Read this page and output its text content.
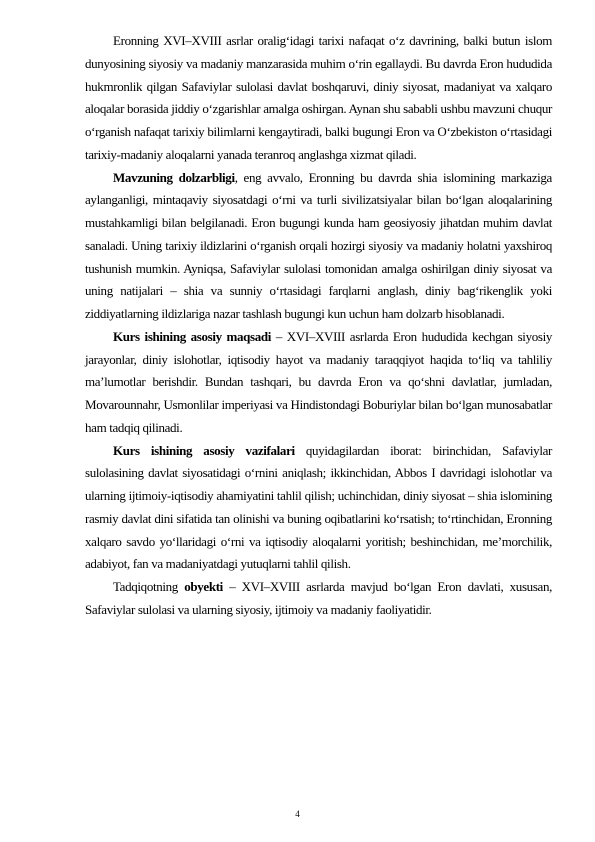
Eronning XVI–XVIII asrlar oralig‘idagi tarixi nafaqat o‘z davrining, balki butun islom dunyosining siyosiy va madaniy manzarasida muhim o‘rin egallaydi. Bu davrda Eron hududida hukmronlik qilgan Safaviylar sulolasi davlat boshqaruvi, diniy siyosat, madaniyat va xalqaro aloqalar borasida jiddiy o‘zgarishlar amalga oshirgan. Aynan shu sababli ushbu mavzuni chuqur o‘rganish nafaqat tarixiy bilimlarni kengaytiradi, balki bugungi Eron va O‘zbekiston o‘rtasidagi tarixiy-madaniy aloqalarni yanada teranroq anglashga xizmat qiladi.

Mavzuning dolzarbligi, eng avvalo, Eronning bu davrda shia islomining markaziga aylanganligi, mintaqaviy siyosatdagi o‘rni va turli sivilizatsiyalar bilan bo‘lgan aloqalarining mustahkamligi bilan belgilanadi. Eron bugungi kunda ham geosiyosiy jihatdan muhim davlat sanaladi. Uning tarixiy ildizlarini o‘rganish orqali hozirgi siyosiy va madaniy holatni yaxshiroq tushunish mumkin. Ayniqsa, Safaviylar sulolasi tomonidan amalga oshirilgan diniy siyosat va uning natijalari – shia va sunniy o‘rtasidagi farqlarni anglash, diniy bag‘rikenglik yoki ziddiyatlarning ildizlariga nazar tashlash bugungi kun uchun ham dolzarb hisoblanadi.

Kurs ishining asosiy maqsadi – XVI–XVIII asrlarda Eron hududida kechgan siyosiy jarayonlar, diniy islohotlar, iqtisodiy hayot va madaniy taraqqiyot haqida to‘liq va tahliliy ma’lumotlar berishdir. Bundan tashqari, bu davrda Eron va qo‘shni davlatlar, jumladan, Movarounnahr, Usmonlilar imperiyasi va Hindistondagi Boburiylar bilan bo‘lgan munosabatlar ham tadqiq qilinadi.

Kurs ishining asosiy vazifalari quyidagilardan iborat: birinchidan, Safaviylar sulolasining davlat siyosatidagi o‘rnini aniqlash; ikkinchidan, Abbos I davridagi islohotlar va ularning ijtimoiy-iqtisodiy ahamiyatini tahlil qilish; uchinchidan, diniy siyosat – shia islomining rasmiy davlat dini sifatida tan olinishi va buning oqibatlarini ko‘rsatish; to‘rtinchidan, Eronning xalqaro savdo yo‘llaridagi o‘rni va iqtisodiy aloqalarni yoritish; beshinchidan, me’morchilik, adabiyot, fan va madaniyatdagi yutuqlarni tahlil qilish.

Tadqiqotning obyekti – XVI–XVIII asrlarda mavjud bo‘lgan Eron davlati, xususan, Safaviylar sulolasi va ularning siyosiy, ijtimoiy va madaniy faoliyatidir.

4
